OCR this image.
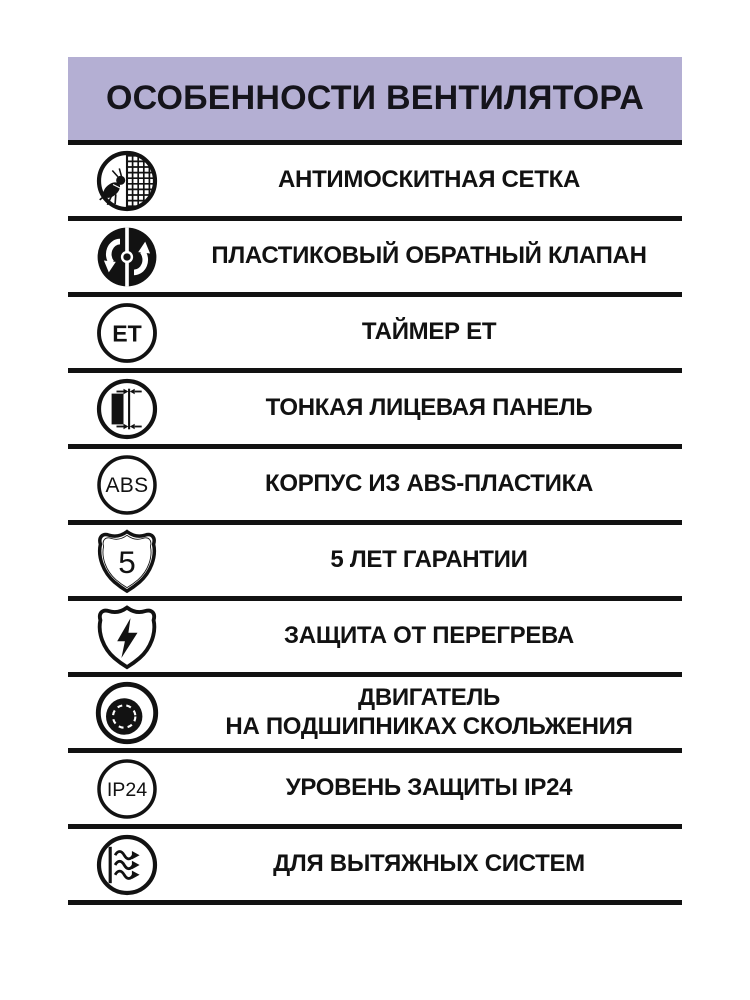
ОСОБЕННОСТИ ВЕНТИЛЯТОРА
АНТИМОСКИТНАЯ СЕТКА
ПЛАСТИКОВЫЙ ОБРАТНЫЙ КЛАПАН
ET	ТАЙМЕР ET
ТОНКАЯ ЛИЦЕВАЯ ПАНЕЛЬ
ABS	КОРПУС ИЗ ABS-ПЛАСТИКА
5	5 ЛЕТ ГАРАНТИИ
ЗАЩИТА ОТ ПЕРЕГРЕВА
ДВИГАТЕЛЬ
НА ПОДШИПНИКАХ СКОЛЬЖЕНИЯ
IP24	УРОВЕНЬ ЗАЩИТЫ IP24
ДЛЯ ВЫТЯЖНЫХ СИСТЕМ
